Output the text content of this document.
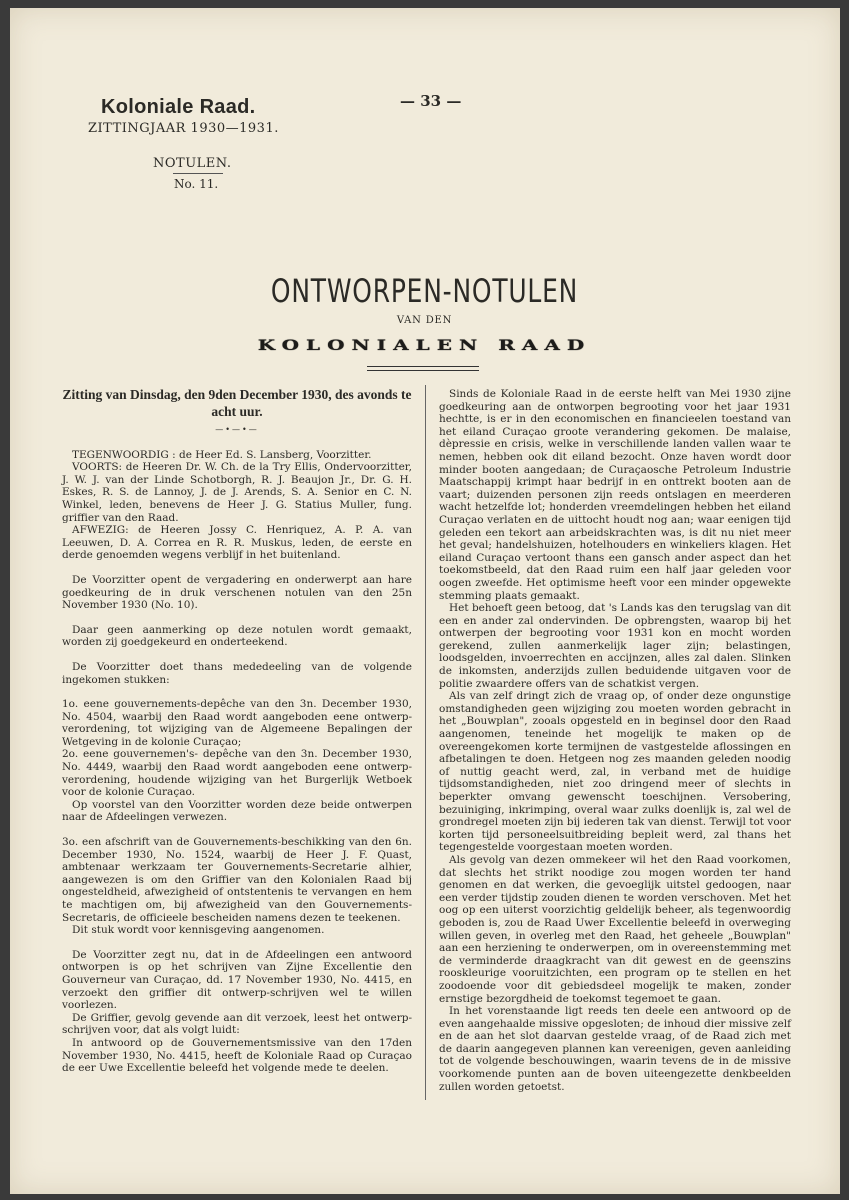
Koloniale Raad.
ZITTINGJAAR 1930—1931.
NOTULEN.
No. 11.
— 33 —
ONTWORPEN-NOTULEN
VAN DEN
KOLONIALEN RAAD
Zitting van Dinsdag, den 9den December 1930, des avonds te acht uur.
—•—•—

TEGENWOORDIG : de Heer Ed. S. Lansberg, Voorzitter.

VOORTS: de Heeren Dr. W. Ch. de la Try Ellis, Ondervoorzitter, J. W. J. van der Linde Schotborgh, R. J. Beaujon Jr., Dr. G. H. Eskes, R. S. de Lannoy, J. de J. Arends, S. A. Senior en C. N. Winkel, leden, benevens de Heer J. G. Statius Muller, fung. griffier van den Raad.

AFWEZIG: de Heeren Jossy C. Henriquez, A. P. A. van Leeuwen, D. A. Correa en R. R. Muskus, leden, de eerste en derde genoemden wegens verblijf in het buitenland.

De Voorzitter opent de vergadering en onderwerpt aan hare goedkeuring de in druk verschenen notulen van den 25n November 1930 (No. 10).

Daar geen aanmerking op deze notulen wordt gemaakt, worden zij goedgekeurd en onderteekend.

De Voorzitter doet thans mededeeling van de volgende ingekomen stukken:

1o. eene gouvernements-depêche van den 3n. December 1930, No. 4504, waarbij den Raad wordt aangeboden eene ontwerp-verordening, tot wijziging van de Algemeene Bepalingen der Wetgeving in de kolonie Curaçao;

2o. eene gouvernemen's- depêche van den 3n. December 1930, No. 4449, waarbij den Raad wordt aangeboden eene ontwerp-verordening, houdende wijziging van het Burgerlijk Wetboek voor de kolonie Curaçao.

Op voorstel van den Voorzitter worden deze beide ontwerpen naar de Afdeelingen verwezen.

3o. een afschrift van de Gouvernements-beschikking van den 6n. December 1930, No. 1524, waarbij de Heer J. F. Quast, ambtenaar werkzaam ter Gouvernements-Secretarie alhier, aangewezen is om den Griffier van den Kolonialen Raad bij ongesteldheid, afwezigheid of ontstentenis te vervangen en hem te machtigen om, bij afwezigheid van den Gouvernements-Secretaris, de officieele bescheiden namens dezen te teekenen.

Dit stuk wordt voor kennisgeving aangenomen.

De Voorzitter zegt nu, dat in de Afdeelingen een antwoord ontworpen is op het schrijven van Zijne Excellentie den Gouverneur van Curaçao, dd. 17 November 1930, No. 4415, en verzoekt den griffier dit ontwerp-schrijven wel te willen voorlezen.

De Griffier, gevolg gevende aan dit verzoek, leest het ontwerp-schrijven voor, dat als volgt luidt:

In antwoord op de Gouvernementsmissive van den 17den November 1930, No. 4415, heeft de Koloniale Raad op Curaçao de eer Uwe Excellentie beleefd het volgende mede te deelen.

Sinds de Koloniale Raad in de eerste helft van Mei 1930 zijne goedkeuring aan de ontworpen begrooting voor het jaar 1931 hechtte, is er in den economischen en financieelen toestand van het eiland Curaçao groote verandering gekomen. De malaise, dèpressie en crisis, welke in verschillende landen vallen waar te nemen, hebben ook dit eiland bezocht. Onze haven wordt door minder booten aangedaan; de Curaçaosche Petroleum Industrie Maatschappij krimpt haar bedrijf in en onttrekt booten aan de vaart; duizenden personen zijn reeds ontslagen en meerderen wacht hetzelfde lot; honderden vreemdelingen hebben het eiland Curaçao verlaten en de uittocht houdt nog aan; waar eenigen tijd geleden een tekort aan arbeidskrachten was, is dit nu niet meer het geval; handelshuizen, hotelhouders en winkeliers klagen. Het eiland Curaçao vertoont thans een gansch ander aspect dan het toekomstbeeld, dat den Raad ruim een half jaar geleden voor oogen zweefde. Het optimisme heeft voor een minder opgewekte stemming plaats gemaakt.

Het behoeft geen betoog, dat 's Lands kas den terugslag van dit een en ander zal ondervinden. De opbrengsten, waarop bij het ontwerpen der begrooting voor 1931 kon en mocht worden gerekend, zullen aanmerkelijk lager zijn; belastingen, loodsgelden, invoerrechten en accijnzen, alles zal dalen. Slinken de inkomsten, anderzijds zullen beduidende uitgaven voor de politie zwaardere offers van de schatkist vergen.

Als van zelf dringt zich de vraag op, of onder deze ongunstige omstandigheden geen wijziging zou moeten worden gebracht in het „Bouwplan", zooals opgesteld en in beginsel door den Raad aangenomen, teneinde het mogelijk te maken op de overeengekomen korte termijnen de vastgestelde aflossingen en afbetalingen te doen. Hetgeen nog zes maanden geleden noodig of nuttig geacht werd, zal, in verband met de huidige tijdsomstandigheden, niet zoo dringend meer of slechts in beperkter omvang gewenscht toeschijnen. Versobering, bezuiniging, inkrimping, overal waar zulks doenlijk is, zal wel de grondregel moeten zijn bij iederen tak van dienst. Terwijl tot voor korten tijd personeelsuitbreiding bepleit werd, zal thans het tegengestelde voorgestaan moeten worden.

Als gevolg van dezen ommekeer wil het den Raad voorkomen, dat slechts het strikt noodige zou mogen worden ter hand genomen en dat werken, die gevoeglijk uitstel gedoogen, naar een verder tijdstip zouden dienen te worden verschoven. Met het oog op een uiterst voorzichtig geldelijk beheer, als tegenwoordig geboden is, zou de Raad Uwer Excellentie beleefd in overweging willen geven, in overleg met den Raad, het geheele „Bouwplan" aan een herziening te onderwerpen, om in overeenstemming met de verminderde draagkracht van dit gewest en de geenszins rooskleurige vooruitzichten, een program op te stellen en het zoodoende voor dit gebiedsdeel mogelijk te maken, zonder ernstige bezorgdheid de toekomst tegemoet te gaan.

In het vorenstaande ligt reeds ten deele een antwoord op de even aangehaalde missive opgesloten; de inhoud dier missive zelf en de aan het slot daarvan gestelde vraag, of de Raad zich met de daarin aangegeven plannen kan vereenigen, geven aanleiding tot de volgende beschouwingen, waarin tevens de in de missive voorkomende punten aan de boven uiteengezette denkbeelden zullen worden getoetst.
